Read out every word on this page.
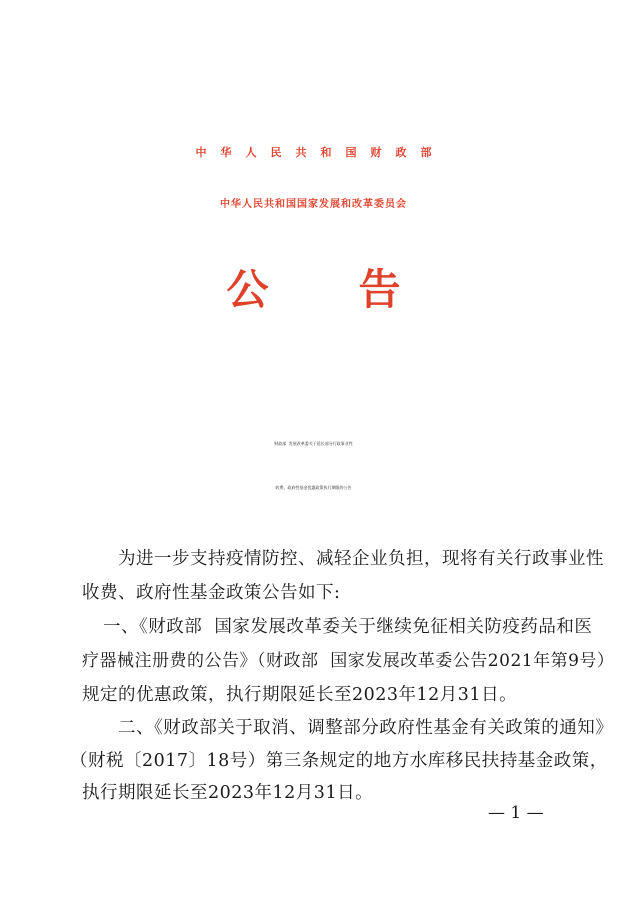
中华人民共和国财政部
中华人民共和国国家发展和改革委员会
公告
财政部  发展改革委关于延长部分行政事业性
收费、政府性基金优惠政策执行期限的公告
为进一步支持疫情防控、减轻企业负担，现将有关行政事业性
收费、政府性基金政策公告如下:
一、《财政部  国家发展改革委关于继续免征相关防疫药品和医
疗器械注册费的公告》（财政部  国家发展改革委公告2021年第9号）
规定的优惠政策，执行期限延长至2023年12月31日。
二、《财政部关于取消、调整部分政府性基金有关政策的通知》
（财税〔2017〕18号）第三条规定的地方水库移民扶持基金政策，
执行期限延长至2023年12月31日。
— 1 —
